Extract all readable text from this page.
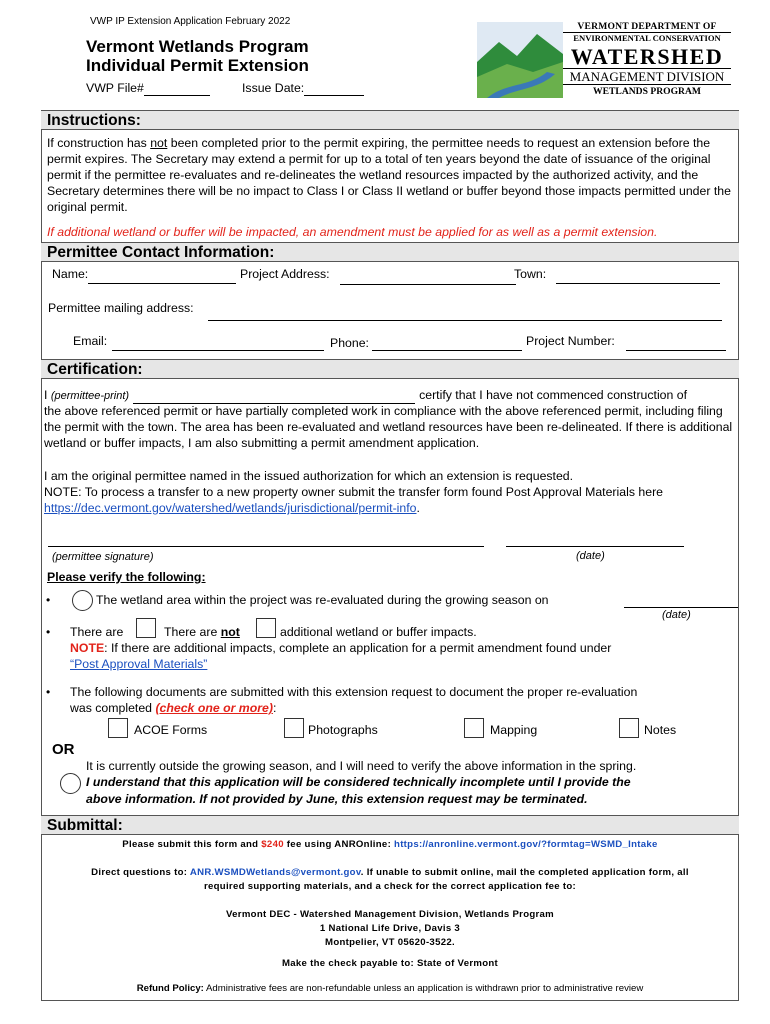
VWP IP Extension Application February 2022
Vermont Wetlands Program
Individual Permit Extension
VWP File#	Issue Date:
VERMONT DEPARTMENT OF
ENVIRONMENTAL CONSERVATION
WATERSHED
MANAGEMENT DIVISION
WETLANDS PROGRAM
Instructions:
If construction has not been completed prior to the permit expiring, the permittee needs to request an extension before the permit expires. The Secretary may extend a permit for up to a total of ten years beyond the date of issuance of the original permit if the permittee re-evaluates and re-delineates the wetland resources impacted by the authorized activity, and the Secretary determines there will be no impact to Class I or Class II wetland or buffer beyond those impacts permitted under the original permit.
If additional wetland or buffer will be impacted, an amendment must be applied for as well as a permit extension.
Permittee Contact Information:
Name:	Project Address:	Town:
Permittee mailing address:
Email:	Phone:	Project Number:
Certification:
I (permittee-print)	certify that I have not commenced construction of
the above referenced permit or have partially completed work in compliance with the above referenced permit, including filing the permit with the town. The area has been re-evaluated and wetland resources have been re-delineated. If there is additional wetland or buffer impacts, I am also submitting a permit amendment application.
I am the original permittee named in the issued authorization for which an extension is requested.
NOTE: To process a transfer to a new property owner submit the transfer form found Post Approval Materials here https://dec.vermont.gov/watershed/wetlands/jurisdictional/permit-info.
(permittee signature)	(date)
Please verify the following:
•	The wetland area within the project was re-evaluated during the growing season on
(date)
• There are	There are not	additional wetland or buffer impacts.
NOTE: If there are additional impacts, complete an application for a permit amendment found under
“Post Approval Materials”
• The following documents are submitted with this extension request to document the proper re-evaluation
was completed (check one or more):
ACOE Forms	Photographs	Mapping	Notes
OR
It is currently outside the growing season, and I will need to verify the above information in the spring.
I understand that this application will be considered technically incomplete until I provide the
above information. If not provided by June, this extension request may be terminated.
Submittal:
Please submit this form and $240 fee using ANROnline: https://anronline.vermont.gov/?formtag=WSMD_Intake
Direct questions to: ANR.WSMDWetlands@vermont.gov. If unable to submit online, mail the completed application form, all
required supporting materials, and a check for the correct application fee to:
Vermont DEC - Watershed Management Division, Wetlands Program
1 National Life Drive, Davis 3
Montpelier, VT 05620-3522.
Make the check payable to: State of Vermont
Refund Policy: Administrative fees are non-refundable unless an application is withdrawn prior to administrative review
